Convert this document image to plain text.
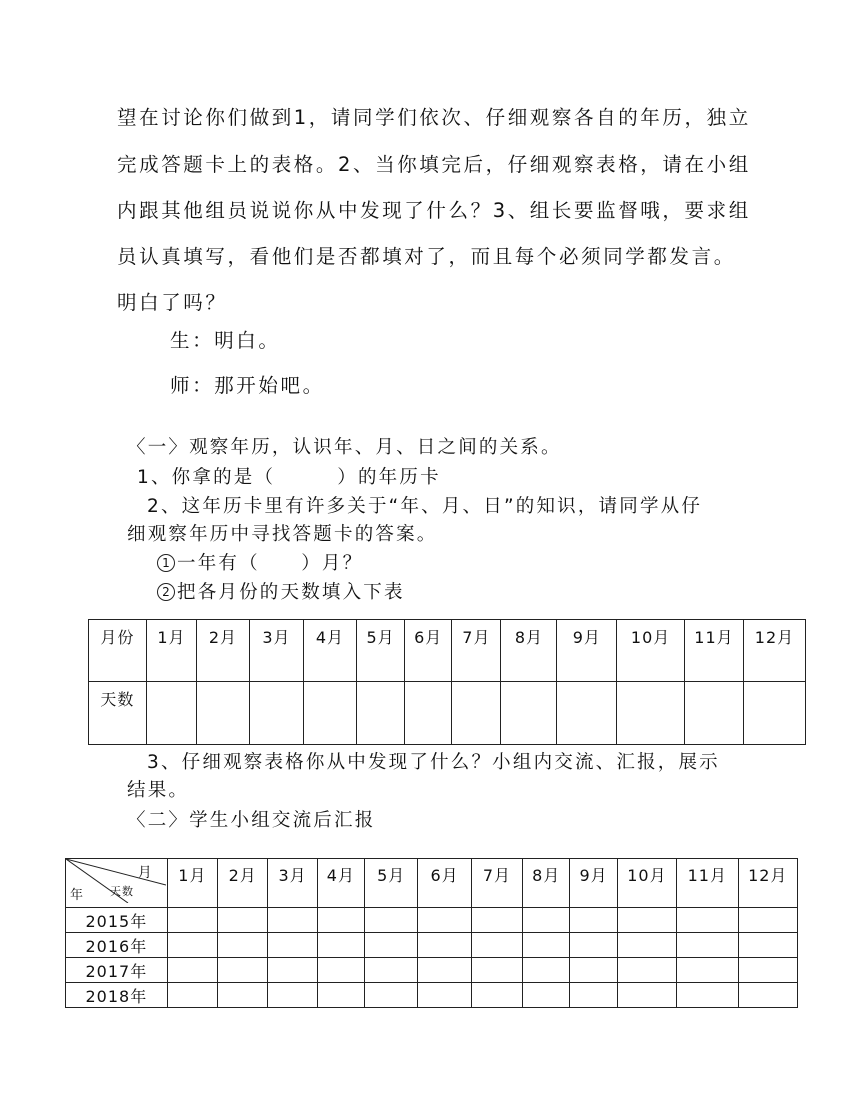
望在讨论你们做到1，请同学们依次、仔细观察各自的年历，独立
完成答题卡上的表格。2、当你填完后，仔细观察表格，请在小组
内跟其他组员说说你从中发现了什么？3、组长要监督哦，要求组
员认真填写，看他们是否都填对了，而且每个必须同学都发言。
明白了吗？
生：明白。
师：那开始吧。
〈一〉观察年历，认识年、月、日之间的关系。
1、你拿的是（　　　）的年历卡
2、这年历卡里有许多关于“年、月、日”的知识，请同学从仔
细观察年历中寻找答题卡的答案。
1 一年有（　　）月？
2 把各月份的天数填入下表
月份	1月	2月	3月	4月	5月	6月	7月	8月	9月	10月	11月	12月
天数												
3、仔细观察表格你从中发现了什么？小组内交流、汇报，展示
结果。
〈二〉学生小组交流后汇报
月
天数
年	1月	2月	3月	4月	5月	6月	7月	8月	9月	10月	11月	12月
2015年												
2016年												
2017年												
2018年												
